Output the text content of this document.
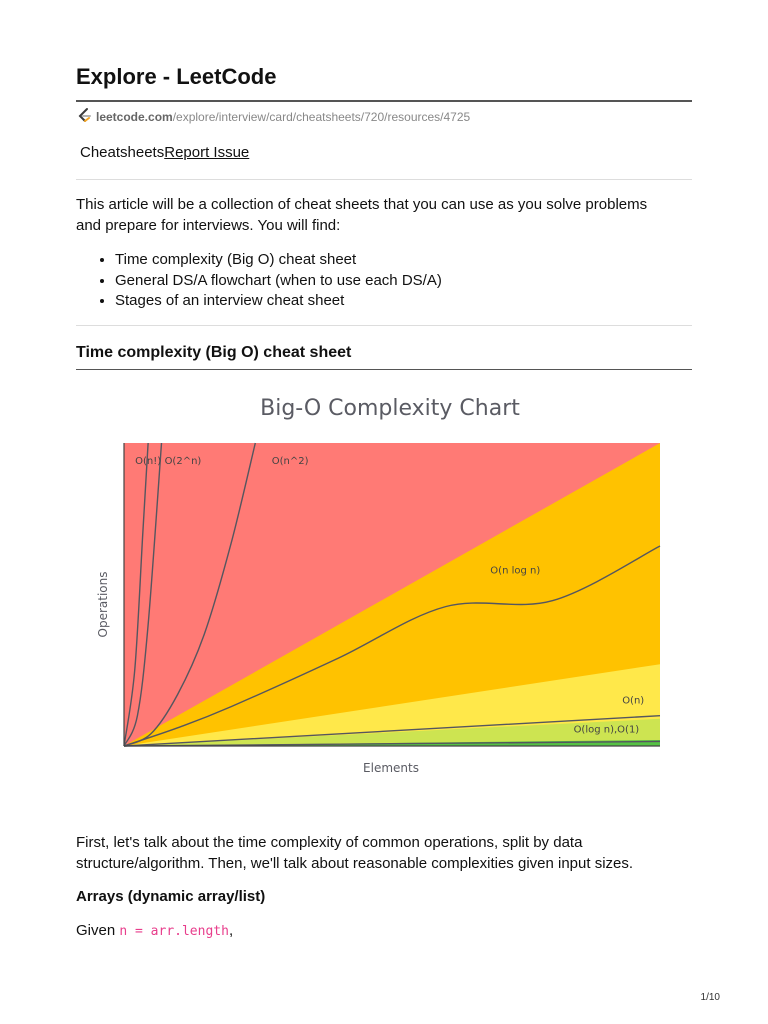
Explore - LeetCode
leetcode.com/explore/interview/card/cheatsheets/720/resources/4725
CheatsheetsReport Issue

This article will be a collection of cheat sheets that you can use as you solve problems and prepare for interviews. You will find:

• Time complexity (Big O) cheat sheet
• General DS/A flowchart (when to use each DS/A)
• Stages of an interview cheat sheet
Time complexity (Big O) cheat sheet
Big-O Complexity Chart
O(n!) O(2^n)	O(n^2)
O(n log n)
O(n)
O(log n),O(1)
Elements
Operations

First, let's talk about the time complexity of common operations, split by data structure/algorithm. Then, we'll talk about reasonable complexities given input sizes.

Arrays (dynamic array/list)

Given n = arr.length,

1/10
